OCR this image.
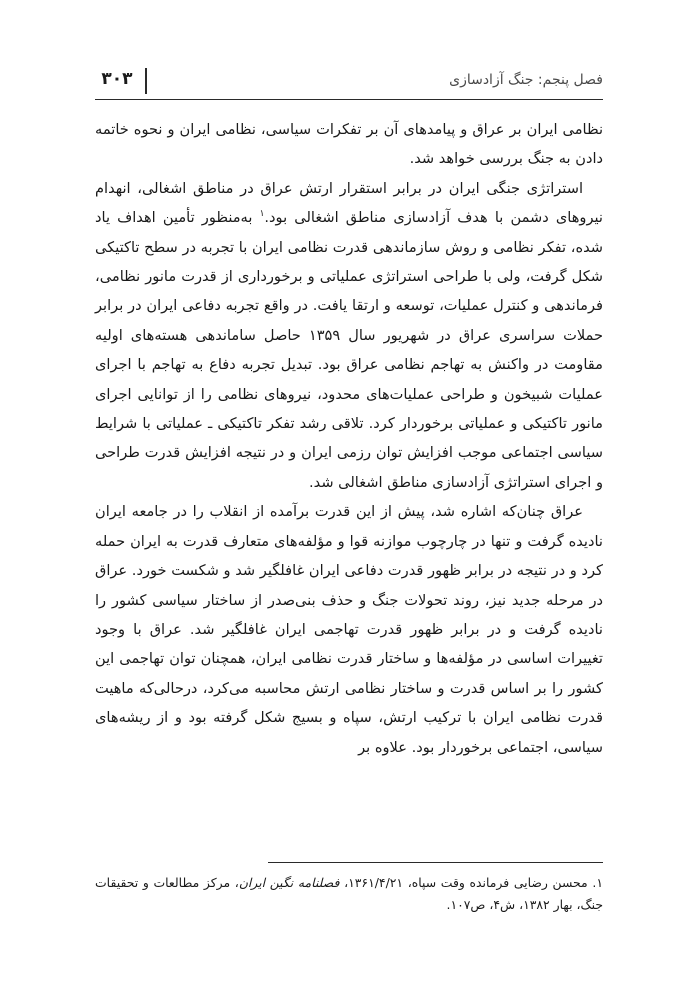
فصل پنجم: جنگ آزادسازی
۳۰۳

نظامی ایران بر عراق و پیامدهای آن بر تفکرات سیاسی، نظامی ایران و نحوه خاتمه دادن به جنگ بررسی خواهد شد.

استراتژی جنگی ایران در برابر استقرار ارتش عراق در مناطق اشغالی، انهدام نیروهای دشمن با هدف آزادسازی مناطق اشغالی بود.$^۱$ به‌منظور تأمین اهداف یاد شده، تفکر نظامی و روش سازماندهی قدرت نظامی ایران با تجربه در سطح تاکتیکی شکل گرفت، ولی با طراحی استراتژی عملیاتی و برخورداری از قدرت مانور نظامی، فرماندهی و کنترل عملیات، توسعه و ارتقا یافت. در واقع تجربه دفاعی ایران در برابر حملات سراسری عراق در شهریور سال ۱۳۵۹ حاصل ساماندهی هسته‌های اولیه مقاومت در واکنش به تهاجم نظامی عراق بود. تبدیل تجربه دفاع به تهاجم با اجرای عملیات شبیخون و طراحی عملیات‌های محدود، نیروهای نظامی را از توانایی اجرای مانور تاکتیکی و عملیاتی برخوردار کرد. تلاقی رشد تفکر تاکتیکی ـ عملیاتی با شرایط سیاسی اجتماعی موجب افزایش توان رزمی ایران و در نتیجه افزایش قدرت طراحی و اجرای استراتژی آزادسازی مناطق اشغالی شد.

عراق چنان‌که اشاره شد، پیش از این قدرت برآمده از انقلاب را در جامعه ایران نادیده گرفت و تنها در چارچوب موازنه قوا و مؤلفه‌های متعارف قدرت به ایران حمله کرد و در نتیجه در برابر ظهور قدرت دفاعی ایران غافلگیر شد و شکست خورد. عراق در مرحله جدید نیز، روند تحولات جنگ و حذف بنی‌صدر از ساختار سیاسی کشور را نادیده گرفت و در برابر ظهور قدرت تهاجمی ایران غافلگیر شد. عراق با وجود تغییرات اساسی در مؤلفه‌ها و ساختار قدرت نظامی ایران، همچنان توان تهاجمی این کشور را بر اساس قدرت و ساختار نظامی ارتش محاسبه می‌کرد، درحالی‌که ماهیت قدرت نظامی ایران با ترکیب ارتش، سپاه و بسیج شکل گرفته بود و از ریشه‌های سیاسی، اجتماعی برخوردار بود. علاوه بر

۱. محسن رضایی فرمانده وقت سپاه، ۱۳۶۱/۴/۲۱، فصلنامه نگین ایران، مرکز مطالعات و تحقیقات جنگ، بهار ۱۳۸۲، ش۴، ص۱۰۷.
